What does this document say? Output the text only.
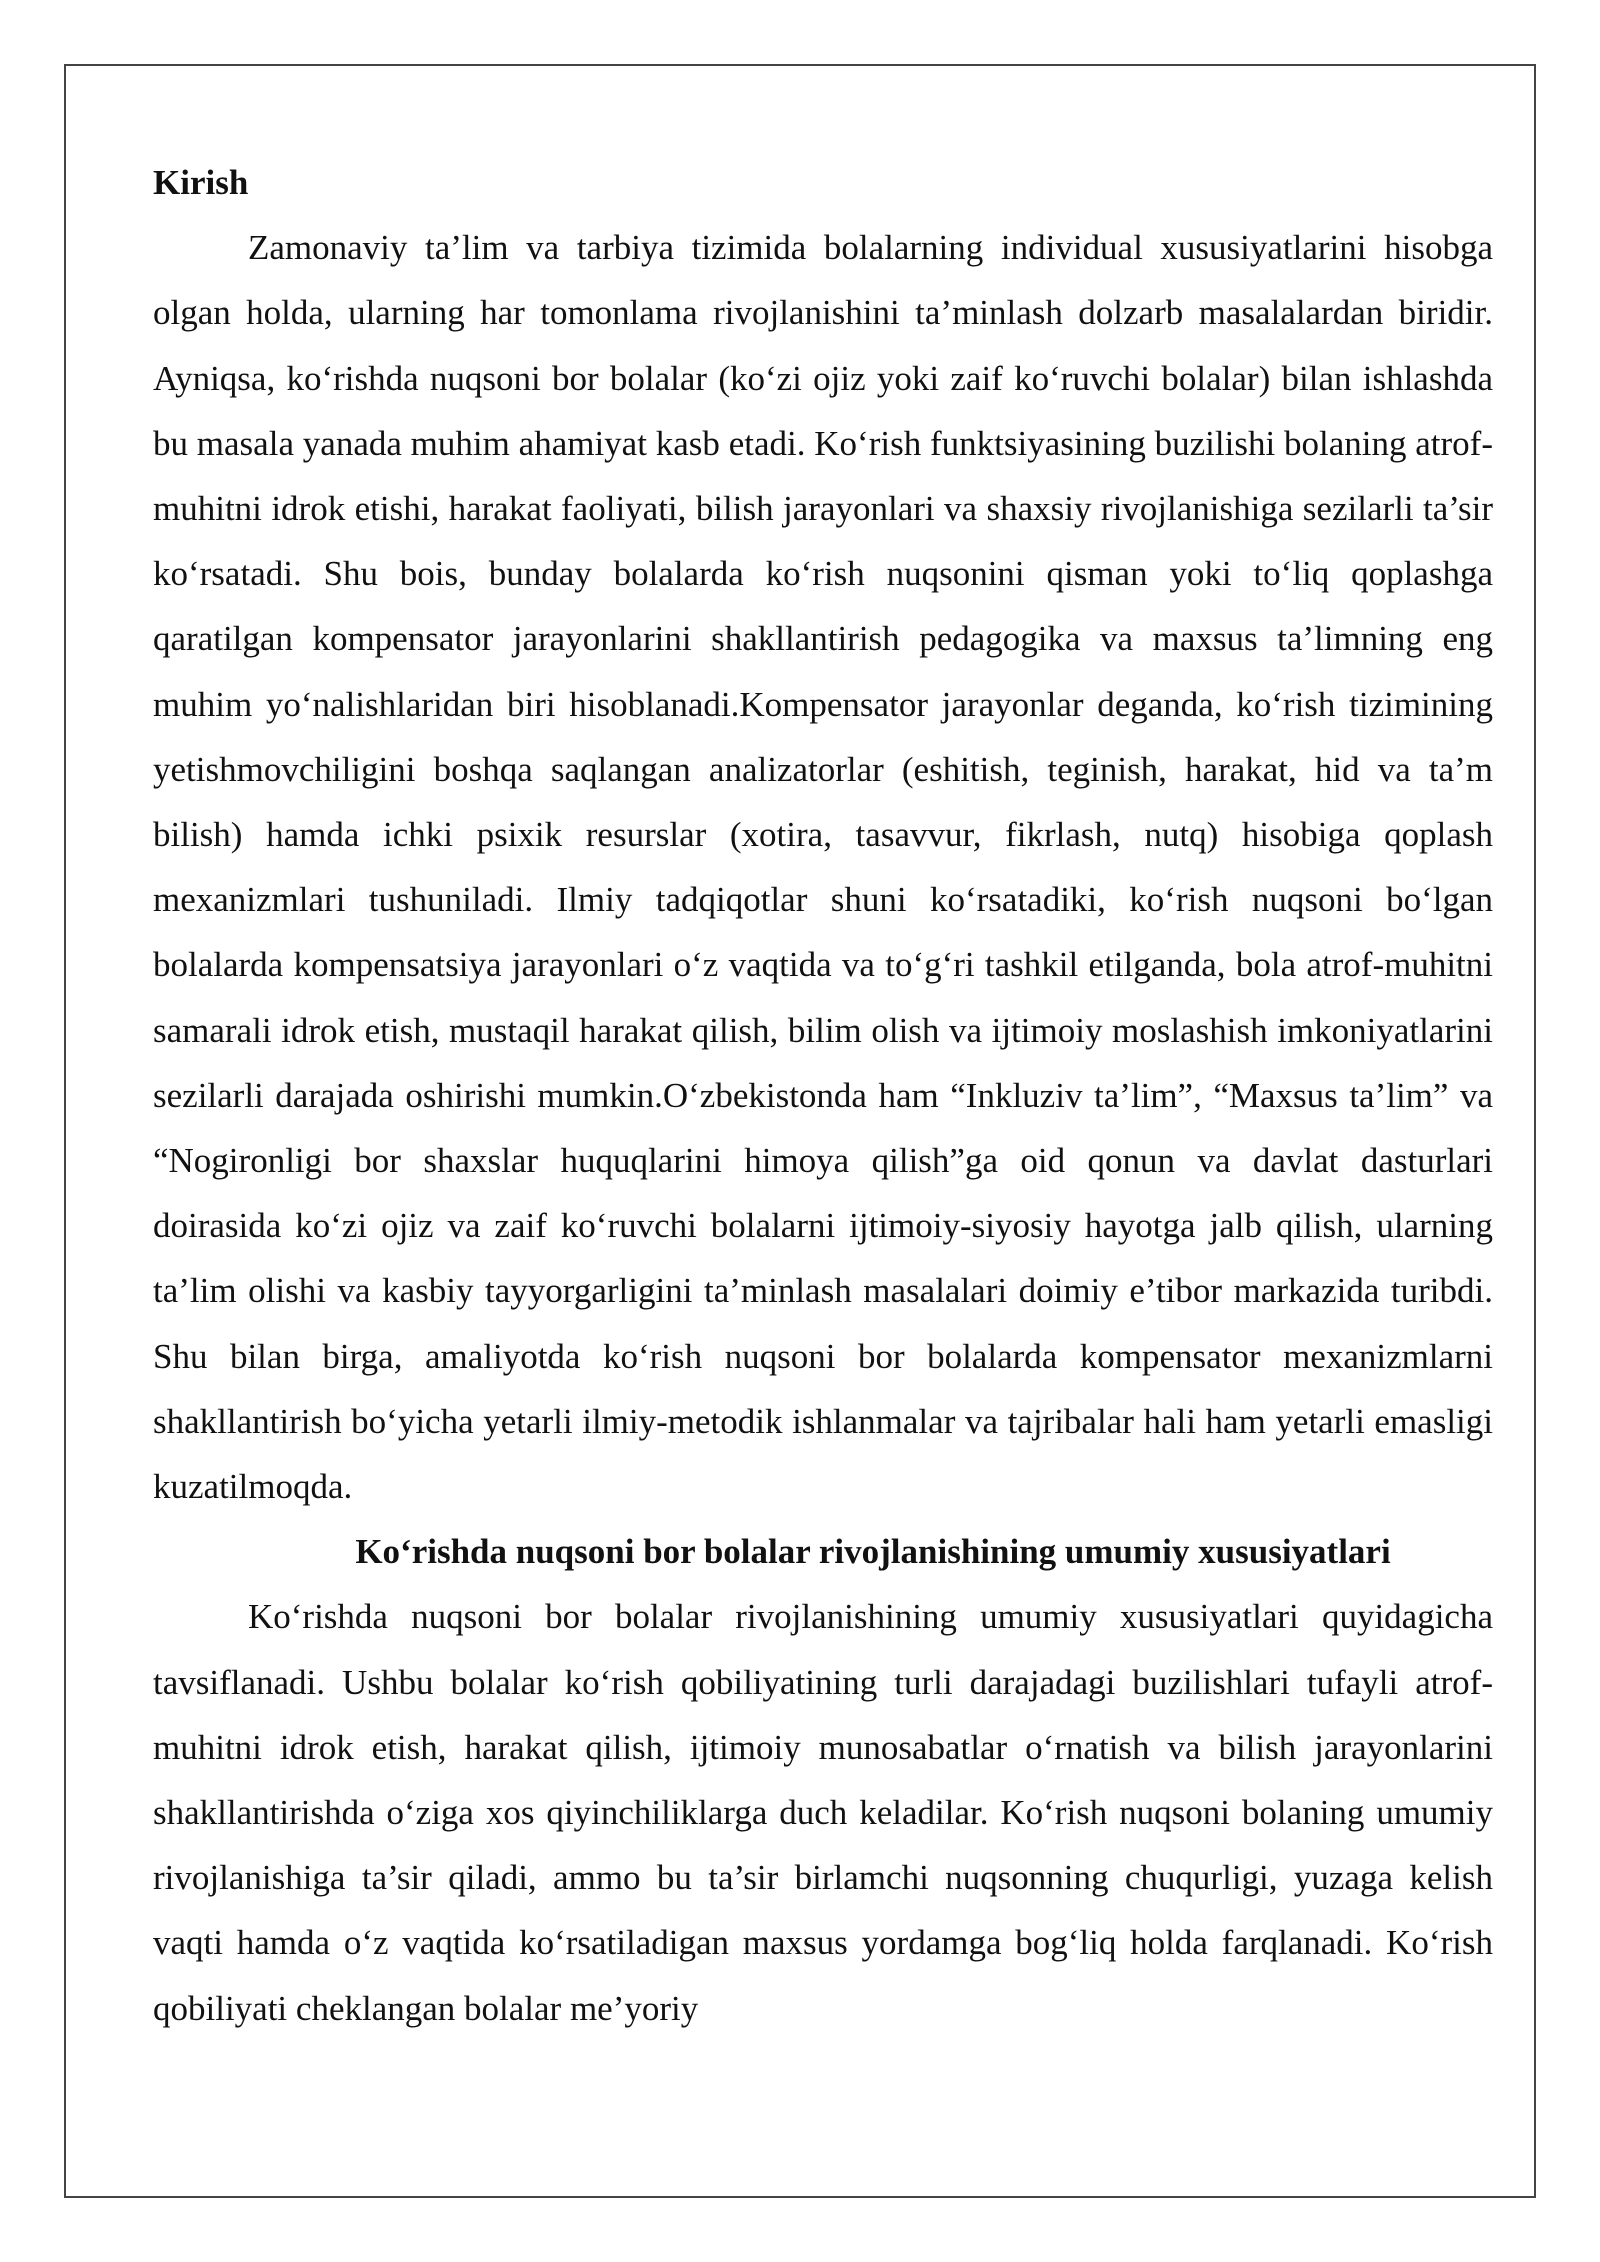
Kirish

Zamonaviy ta’lim va tarbiya tizimida bolalarning individual xususiyatlarini hisobga olgan holda, ularning har tomonlama rivojlanishini ta’minlash dolzarb masalalardan biridir. Ayniqsa, ko‘rishda nuqsoni bor bolalar (ko‘zi ojiz yoki zaif ko‘ruvchi bolalar) bilan ishlashda bu masala yanada muhim ahamiyat kasb etadi. Ko‘rish funktsiyasining buzilishi bolaning atrof-muhitni idrok etishi, harakat faoliyati, bilish jarayonlari va shaxsiy rivojlanishiga sezilarli ta’sir ko‘rsatadi. Shu bois, bunday bolalarda ko‘rish nuqsonini qisman yoki to‘liq qoplashga qaratilgan kompensator jarayonlarini shakllantirish pedagogika va maxsus ta’limning eng muhim yo‘nalishlaridan biri hisoblanadi.Kompensator jarayonlar deganda, ko‘rish tizimining yetishmovchiligini boshqa saqlangan analizatorlar (eshitish, teginish, harakat, hid va ta’m bilish) hamda ichki psixik resurslar (xotira, tasavvur, fikrlash, nutq) hisobiga qoplash mexanizmlari tushuniladi. Ilmiy tadqiqotlar shuni ko‘rsatadiki, ko‘rish nuqsoni bo‘lgan bolalarda kompensatsiya jarayonlari o‘z vaqtida va to‘g‘ri tashkil etilganda, bola atrof-muhitni samarali idrok etish, mustaqil harakat qilish, bilim olish va ijtimoiy moslashish imkoniyatlarini sezilarli darajada oshirishi mumkin.O‘zbekistonda ham “Inkluziv ta’lim”, “Maxsus ta’lim” va “Nogironligi bor shaxslar huquqlarini himoya qilish”ga oid qonun va davlat dasturlari doirasida ko‘zi ojiz va zaif ko‘ruvchi bolalarni ijtimoiy-siyosiy hayotga jalb qilish, ularning ta’lim olishi va kasbiy tayyorgarligini ta’minlash masalalari doimiy e’tibor markazida turibdi. Shu bilan birga, amaliyotda ko‘rish nuqsoni bor bolalarda kompensator mexanizmlarni shakllantirish bo‘yicha yetarli ilmiy-metodik ishlanmalar va tajribalar hali ham yetarli emasligi kuzatilmoqda.

Ko‘rishda nuqsoni bor bolalar rivojlanishining umumiy xususiyatlari

Ko‘rishda nuqsoni bor bolalar rivojlanishining umumiy xususiyatlari quyidagicha tavsiflanadi. Ushbu bolalar ko‘rish qobiliyatining turli darajadagi buzilishlari tufayli atrof-muhitni idrok etish, harakat qilish, ijtimoiy munosabatlar o‘rnatish va bilish jarayonlarini shakllantirishda o‘ziga xos qiyinchiliklarga duch keladilar. Ko‘rish nuqsoni bolaning umumiy rivojlanishiga ta’sir qiladi, ammo bu ta’sir birlamchi nuqsonning chuqurligi, yuzaga kelish vaqti hamda o‘z vaqtida ko‘rsatiladigan maxsus yordamga bog‘liq holda farqlanadi. Ko‘rish qobiliyati cheklangan bolalar me’yoriy
